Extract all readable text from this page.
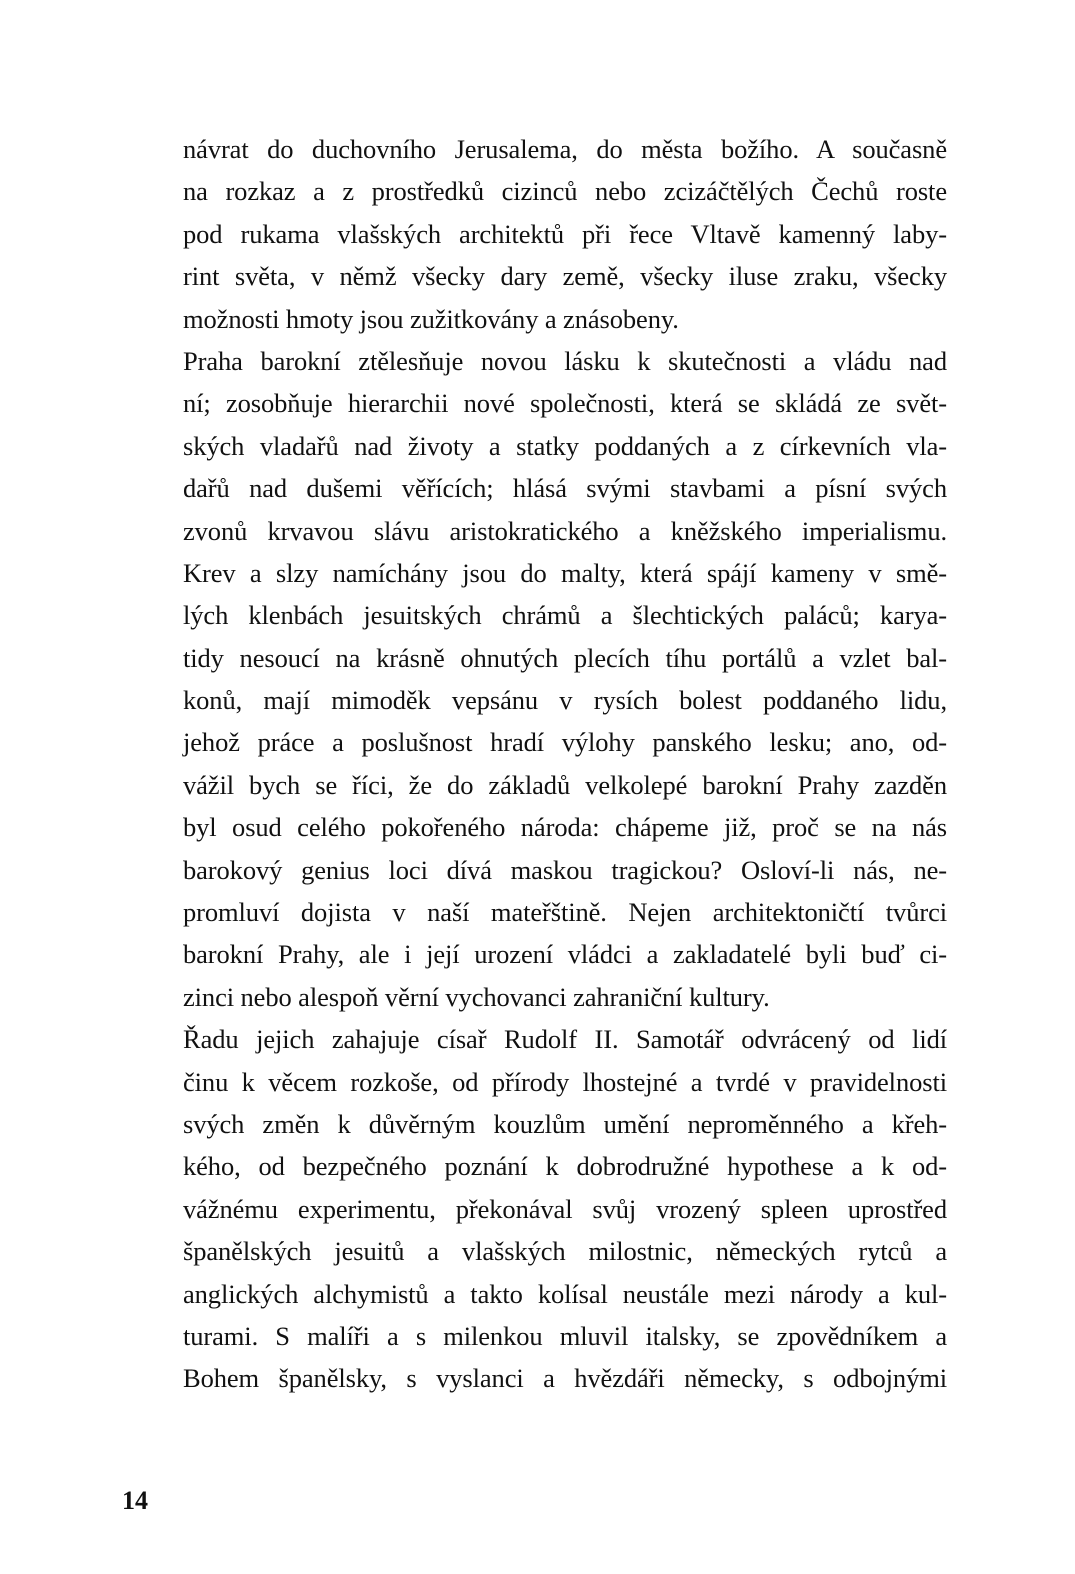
návrat do duchovního Jerusalema, do města božího. A současně
na rozkaz a z prostředků cizinců nebo zcizáčtělých Čechů roste
pod rukama vlašských architektů při řece Vltavě kamenný laby-
rint světa, v němž všecky dary země, všecky iluse zraku, všecky
možnosti hmoty jsou zužitkovány a znásobeny.
Praha barokní ztělesňuje novou lásku k skutečnosti a vládu nad
ní; zosobňuje hierarchii nové společnosti, která se skládá ze svět-
ských vladařů nad životy a statky poddaných a z církevních vla-
dařů nad dušemi věřících; hlásá svými stavbami a písní svých
zvonů krvavou slávu aristokratického a kněžského imperialismu.
Krev a slzy namíchány jsou do malty, která spájí kameny v smě-
lých klenbách jesuitských chrámů a šlechtických paláců; karya-
tidy nesoucí na krásně ohnutých plecích tíhu portálů a vzlet bal-
konů, mají mimoděk vepsánu v rysích bolest poddaného lidu,
jehož práce a poslušnost hradí výlohy panského lesku; ano, od-
vážil bych se říci, že do základů velkolepé barokní Prahy zazděn
byl osud celého pokořeného národa: chápeme již, proč se na nás
barokový genius loci dívá maskou tragickou? Osloví-li nás, ne-
promluví dojista v naší mateřštině. Nejen architektoničtí tvůrci
barokní Prahy, ale i její urození vládci a zakladatelé byli buď ci-
zinci nebo alespoň věrní vychovanci zahraniční kultury.
Řadu jejich zahajuje císař Rudolf II. Samotář odvrácený od lidí
činu k věcem rozkoše, od přírody lhostejné a tvrdé v pravidelnosti
svých změn k důvěrným kouzlům umění neproměnného a křeh-
kého, od bezpečného poznání k dobrodružné hypothese a k od-
vážnému experimentu, překonával svůj vrozený spleen uprostřed
španělských jesuitů a vlašských milostnic, německých rytců a
anglických alchymistů a takto kolísal neustále mezi národy a kul-
turami. S malíři a s milenkou mluvil italsky, se zpovědníkem a
Bohem španělsky, s vyslanci a hvězdáři německy, s odbojnými
14
